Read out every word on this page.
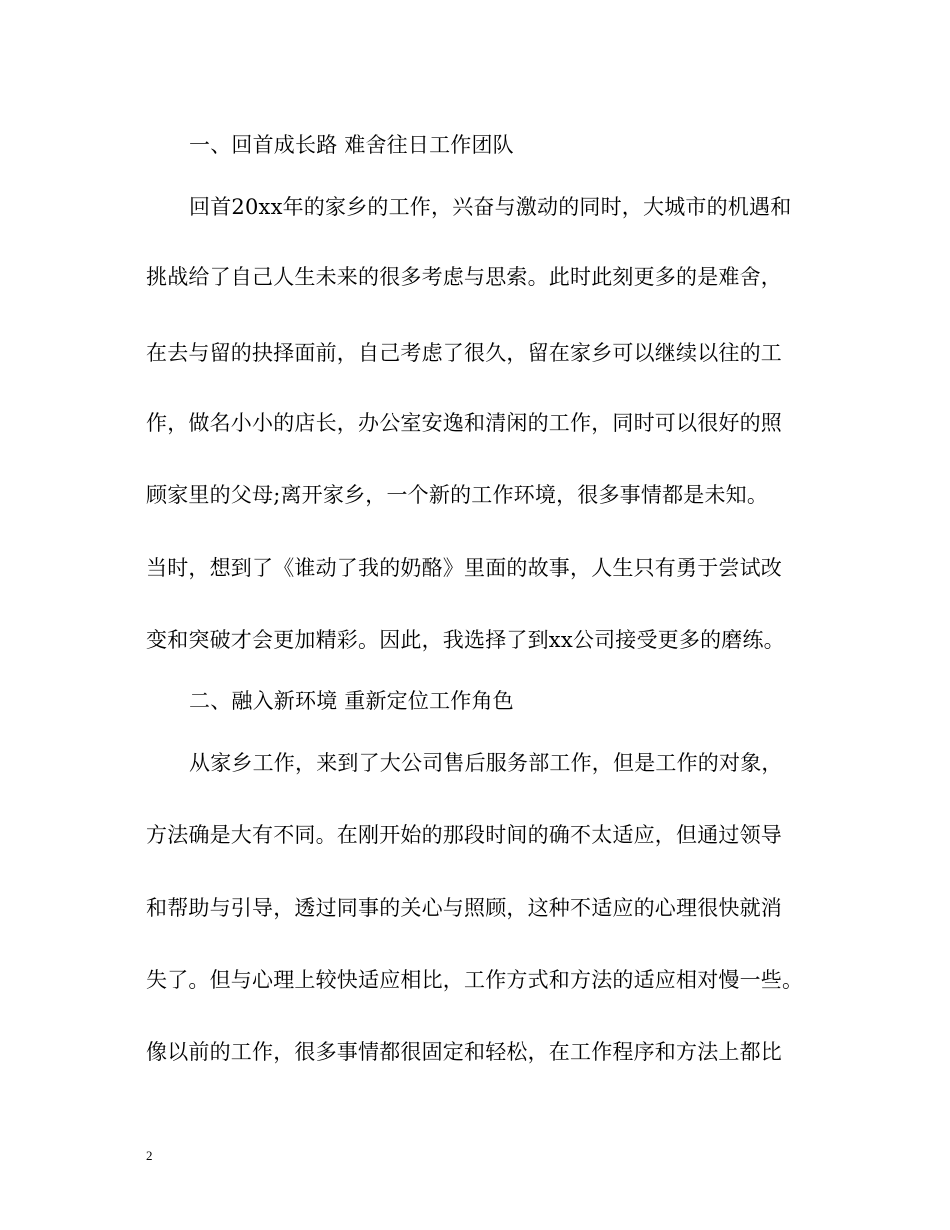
一、回首成长路 难舍往日工作团队
回首20xx年的家乡的工作，兴奋与激动的同时，大城市的机遇和
挑战给了自己人生未来的很多考虑与思索。此时此刻更多的是难舍，
在去与留的抉择面前，自己考虑了很久，留在家乡可以继续以往的工
作，做名小小的店长，办公室安逸和清闲的工作，同时可以很好的照
顾家里的父母;离开家乡，一个新的工作环境，很多事情都是未知。
当时，想到了《谁动了我的奶酪》里面的故事，人生只有勇于尝试改
变和突破才会更加精彩。因此，我选择了到xx公司接受更多的磨练。
二、融入新环境 重新定位工作角色
从家乡工作，来到了大公司售后服务部工作，但是工作的对象，
方法确是大有不同。在刚开始的那段时间的确不太适应，但通过领导
和帮助与引导，透过同事的关心与照顾，这种不适应的心理很快就消
失了。但与心理上较快适应相比，工作方式和方法的适应相对慢一些。
像以前的工作，很多事情都很固定和轻松，在工作程序和方法上都比
2
